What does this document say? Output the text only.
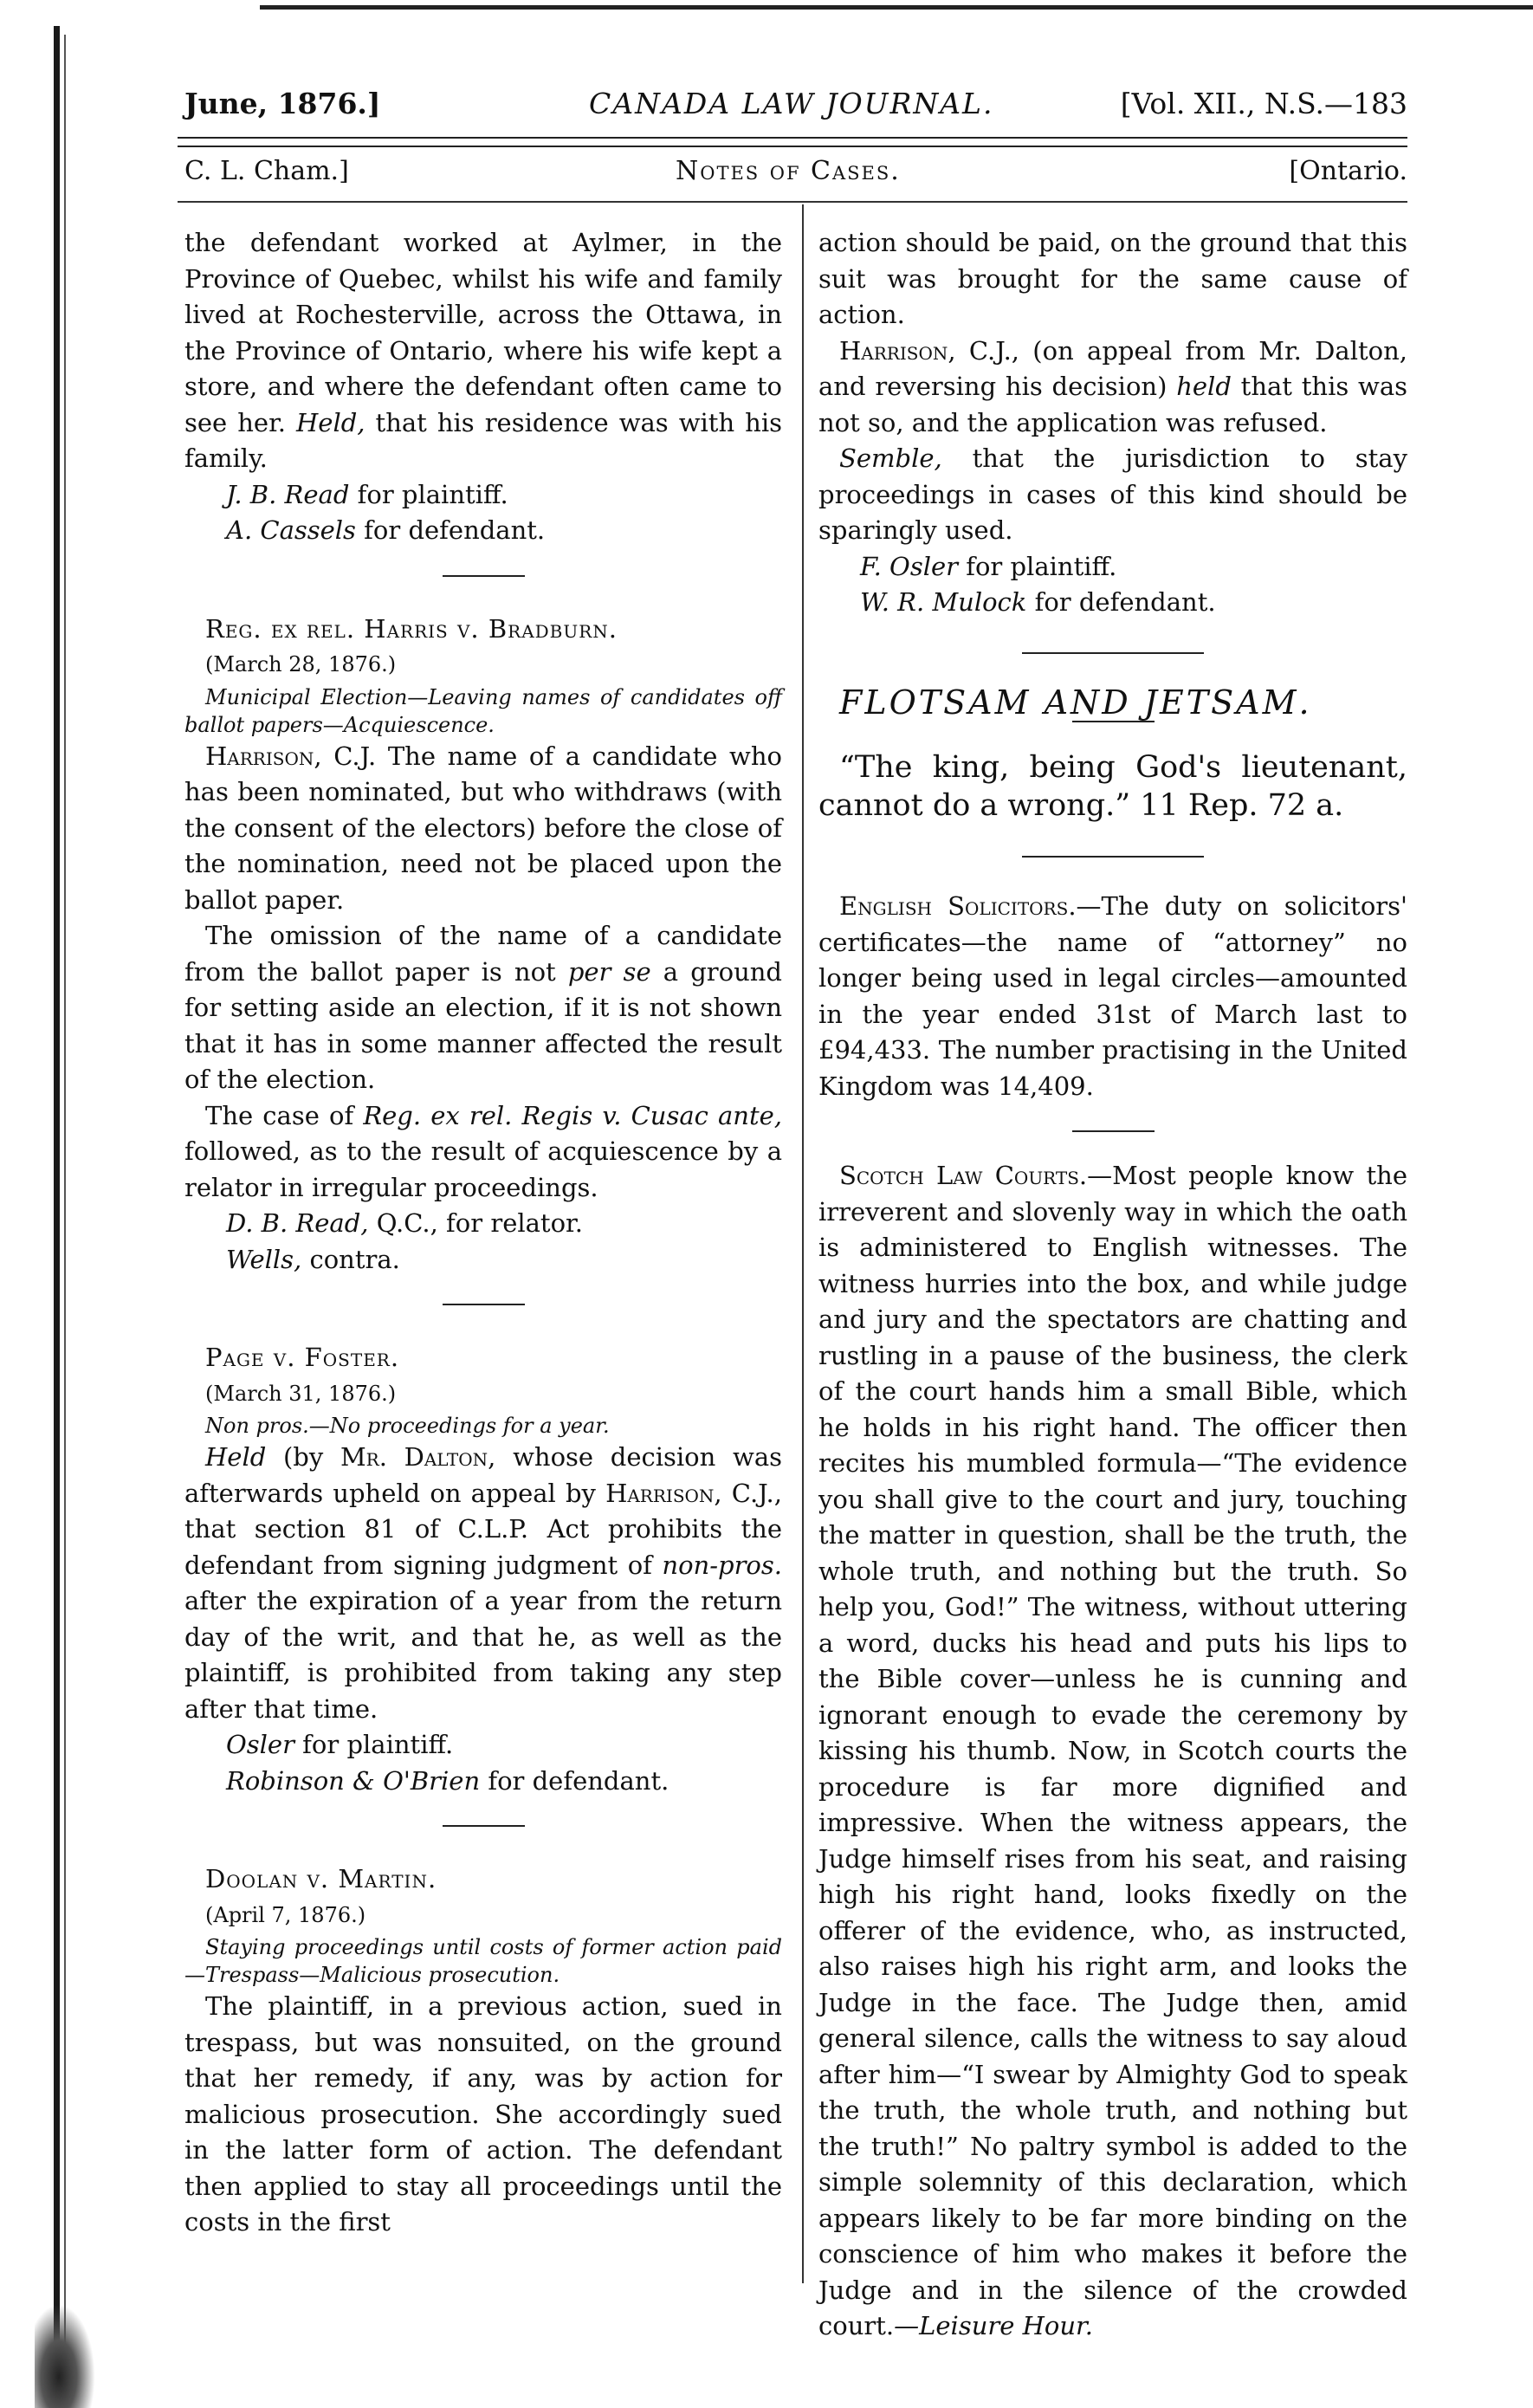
June, 1876.]	CANADA LAW JOURNAL.	[Vol. XII., N.S.—183
C. L. Cham.]	Notes of Cases.	[Ontario.

the defendant worked at Aylmer, in the Province of Quebec, whilst his wife and family lived at Rochesterville, across the Ottawa, in the Province of Ontario, where his wife kept a store, and where the defendant often came to see her. Held, that his residence was with his family.

J. B. Read for plaintiff.

A. Cassels for defendant.

Reg. ex rel. Harris v. Bradburn.

(March 28, 1876.)

Municipal Election—Leaving names of candidates off ballot papers—Acquiescence.

Harrison, C.J. The name of a candidate who has been nominated, but who withdraws (with the consent of the electors) before the close of the nomination, need not be placed upon the ballot paper.

The omission of the name of a candidate from the ballot paper is not per se a ground for setting aside an election, if it is not shown that it has in some manner affected the result of the election.

The case of Reg. ex rel. Regis v. Cusac ante, followed, as to the result of acquiescence by a relator in irregular proceedings.

D. B. Read, Q.C., for relator.

Wells, contra.

Page v. Foster.

(March 31, 1876.)

Non pros.—No proceedings for a year.

Held (by Mr. Dalton, whose decision was afterwards upheld on appeal by Harrison, C.J., that section 81 of C.L.P. Act prohibits the defendant from signing judgment of non-pros. after the expiration of a year from the return day of the writ, and that he, as well as the plaintiff, is prohibited from taking any step after that time.

Osler for plaintiff.

Robinson & O'Brien for defendant.

Doolan v. Martin.

(April 7, 1876.)

Staying proceedings until costs of former action paid—Trespass—Malicious prosecution.

The plaintiff, in a previous action, sued in trespass, but was nonsuited, on the ground that her remedy, if any, was by action for malicious prosecution. She accordingly sued in the latter form of action. The defendant then applied to stay all proceedings until the costs in the first

action should be paid, on the ground that this suit was brought for the same cause of action.

Harrison, C.J., (on appeal from Mr. Dalton, and reversing his decision) held that this was not so, and the application was refused.

Semble, that the jurisdiction to stay proceedings in cases of this kind should be sparingly used.

F. Osler for plaintiff.

W. R. Mulock for defendant.

FLOTSAM AND JETSAM.

“The king, being God's lieutenant, cannot do a wrong.” 11 Rep. 72 a.

English Solicitors.—The duty on solicitors' certificates—the name of “attorney” no longer being used in legal circles—amounted in the year ended 31st of March last to £94,433. The number practising in the United Kingdom was 14,409.

Scotch Law Courts.—Most people know the irreverent and slovenly way in which the oath is administered to English witnesses. The witness hurries into the box, and while judge and jury and the spectators are chatting and rustling in a pause of the business, the clerk of the court hands him a small Bible, which he holds in his right hand. The officer then recites his mumbled formula—“The evidence you shall give to the court and jury, touching the matter in question, shall be the truth, the whole truth, and nothing but the truth. So help you, God!” The witness, without uttering a word, ducks his head and puts his lips to the Bible cover—unless he is cunning and ignorant enough to evade the ceremony by kissing his thumb. Now, in Scotch courts the procedure is far more dignified and impressive. When the witness appears, the Judge himself rises from his seat, and raising high his right hand, looks fixedly on the offerer of the evidence, who, as instructed, also raises high his right arm, and looks the Judge in the face. The Judge then, amid general silence, calls the witness to say aloud after him—“I swear by Almighty God to speak the truth, the whole truth, and nothing but the truth!” No paltry symbol is added to the simple solemnity of this declaration, which appears likely to be far more binding on the conscience of him who makes it before the Judge and in the silence of the crowded court.—Leisure Hour.
